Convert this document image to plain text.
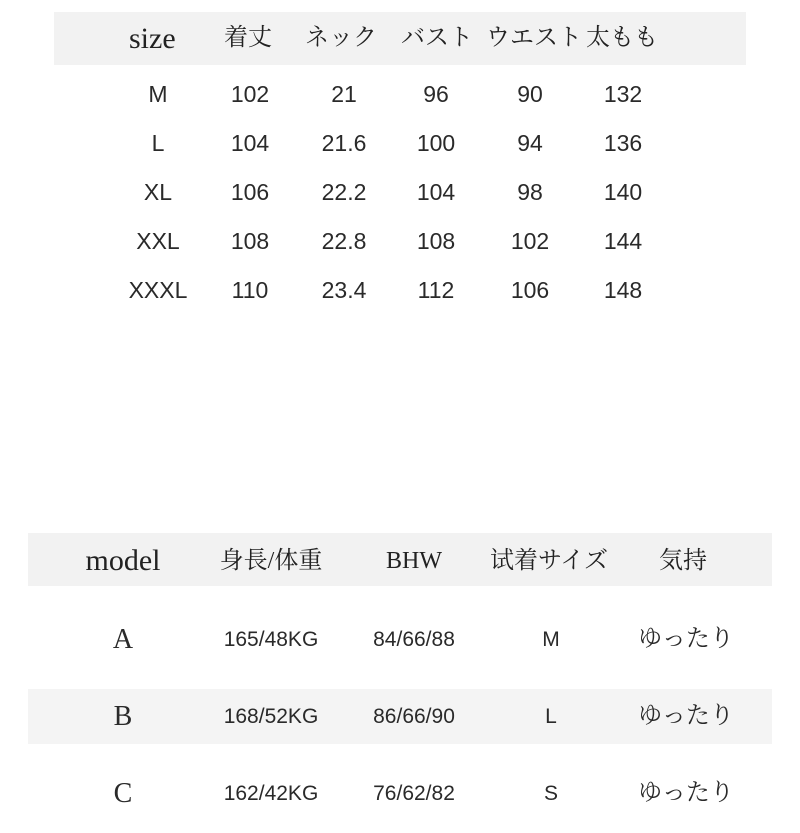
size 着丈 ネック バスト ウエスト 太もも
M	102	21	96	90	132
L	104	21.6	100	94	136
XL	106	22.2	104	98	140
XXL	108	22.8	108	102	144
XXXL	110	23.4	112	106	148
model	身長/体重	BHW	试着サイズ	気持
A	165/48KG	84/66/88	M	ゆったり
B	168/52KG	86/66/90	L	ゆったり
C	162/42KG	76/62/82	S	ゆったり
